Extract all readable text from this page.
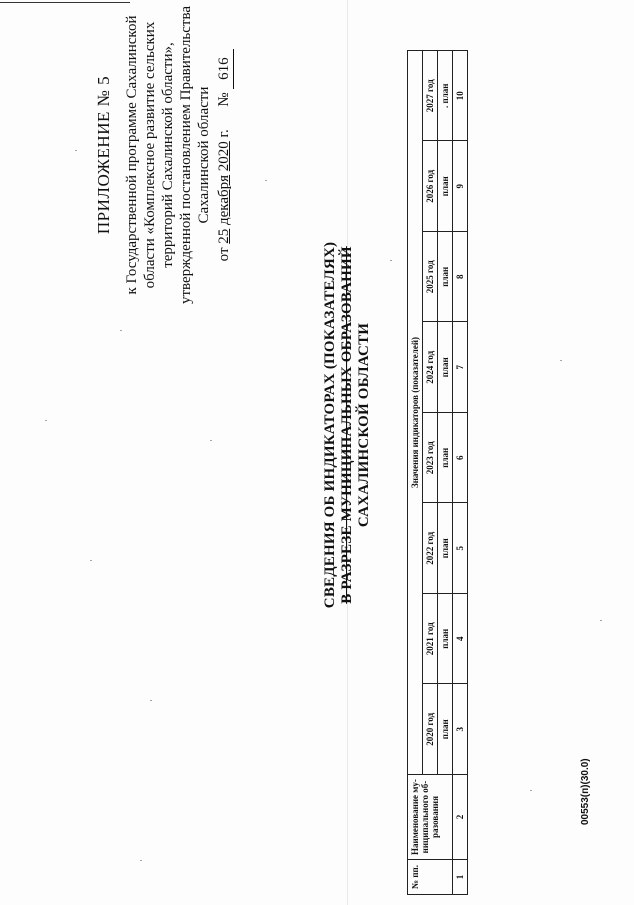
ПРИЛОЖЕНИЕ № 5 к Государственной программе Сахалинской области «Комплексное развитие сельских территорий Сахалинской области», утвержденной постановлением Правительства Сахалинской области
от 25 декабря 2020 г.      № 616
СВЕДЕНИЯ ОБ ИНДИКАТОРАХ (ПОКАЗАТЕЛЯХ) В РАЗРЕЗЕ МУНИЦИПАЛЬНЫХ ОБРАЗОВАНИЙ САХАЛИНСКОЙ ОБЛАСТИ
№ пп.	Наименование му-ниципального об-разования	Значения индикаторов (показателей)							
		2020 год	2021 год	2022 год	2023 год	2024 год	2025 год	2026 год	2027 год
		план	план	план	план	план	план	план	. план
1	2	3	4	5	6	7	8	9	10
00553(п)(30.0)
